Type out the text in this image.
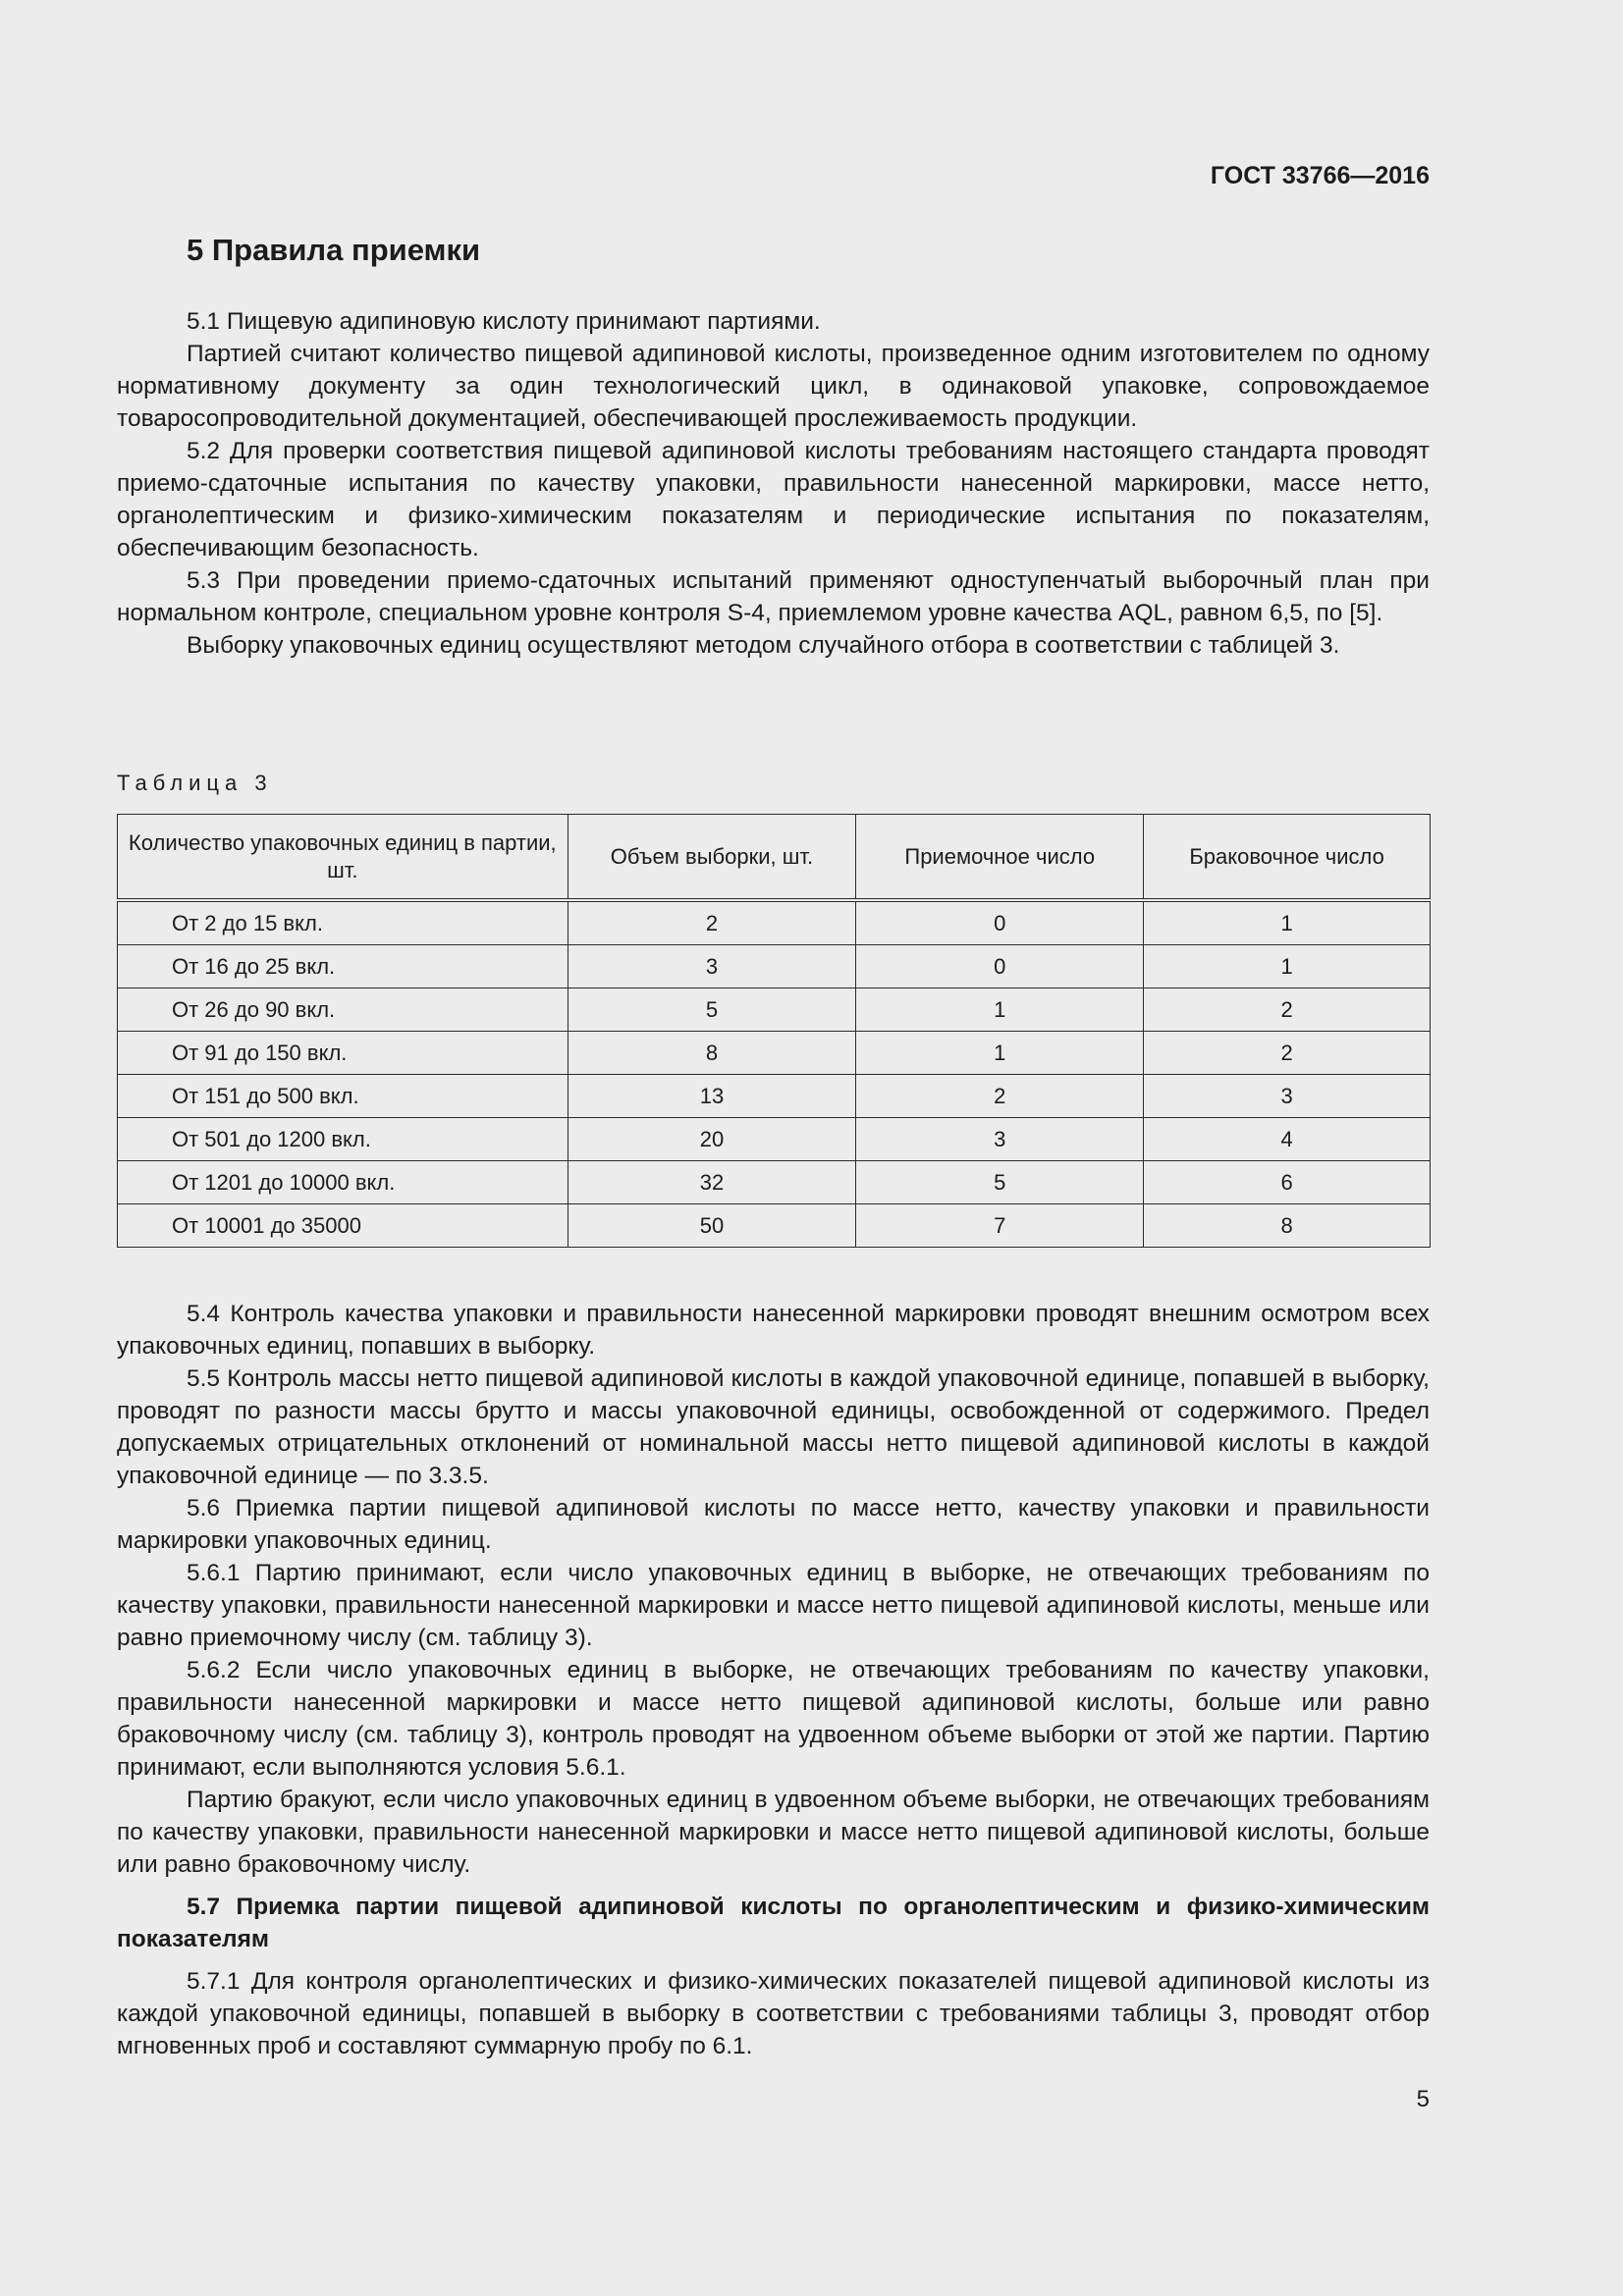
ГОСТ 33766—2016
5 Правила приемки

5.1 Пищевую адипиновую кислоту принимают партиями.

Партией считают количество пищевой адипиновой кислоты, произведенное одним изготовителем по одному нормативному документу за один технологический цикл, в одинаковой упаковке, сопровождаемое товаросопроводительной документацией, обеспечивающей прослеживаемость продукции.

5.2 Для проверки соответствия пищевой адипиновой кислоты требованиям настоящего стандарта проводят приемо-сдаточные испытания по качеству упаковки, правильности нанесенной маркировки, массе нетто, органолептическим и физико-химическим показателям и периодические испытания по показателям, обеспечивающим безопасность.

5.3 При проведении приемо-сдаточных испытаний применяют одноступенчатый выборочный план при нормальном контроле, специальном уровне контроля S-4, приемлемом уровне качества AQL, равном 6,5, по [5].

Выборку упаковочных единиц осуществляют методом случайного отбора в соответствии с таблицей 3.

Таблица 3
Количество упаковочных единиц в партии, шт.	Объем выборки, шт.	Приемочное число	Браковочное число
От 2 до 15 вкл.	2	0	1
От 16 до 25 вкл.	3	0	1
От 26 до 90 вкл.	5	1	2
От 91 до 150 вкл.	8	1	2
От 151 до 500 вкл.	13	2	3
От 501 до 1200 вкл.	20	3	4
От 1201 до 10000 вкл.	32	5	6
От 10001 до 35000	50	7	8

5.4 Контроль качества упаковки и правильности нанесенной маркировки проводят внешним осмотром всех упаковочных единиц, попавших в выборку.

5.5 Контроль массы нетто пищевой адипиновой кислоты в каждой упаковочной единице, попавшей в выборку, проводят по разности массы брутто и массы упаковочной единицы, освобожденной от содержимого. Предел допускаемых отрицательных отклонений от номинальной массы нетто пищевой адипиновой кислоты в каждой упаковочной единице — по 3.3.5.

5.6 Приемка партии пищевой адипиновой кислоты по массе нетто, качеству упаковки и правильности маркировки упаковочных единиц.

5.6.1 Партию принимают, если число упаковочных единиц в выборке, не отвечающих требованиям по качеству упаковки, правильности нанесенной маркировки и массе нетто пищевой адипиновой кислоты, меньше или равно приемочному числу (см. таблицу 3).

5.6.2 Если число упаковочных единиц в выборке, не отвечающих требованиям по качеству упаковки, правильности нанесенной маркировки и массе нетто пищевой адипиновой кислоты, больше или равно браковочному числу (см. таблицу 3), контроль проводят на удвоенном объеме выборки от этой же партии. Партию принимают, если выполняются условия 5.6.1.

Партию бракуют, если число упаковочных единиц в удвоенном объеме выборки, не отвечающих требованиям по качеству упаковки, правильности нанесенной маркировки и массе нетто пищевой адипиновой кислоты, больше или равно браковочному числу.

5.7 Приемка партии пищевой адипиновой кислоты по органолептическим и физико-химическим показателям

5.7.1 Для контроля органолептических и физико-химических показателей пищевой адипиновой кислоты из каждой упаковочной единицы, попавшей в выборку в соответствии с требованиями таблицы 3, проводят отбор мгновенных проб и составляют суммарную пробу по 6.1.

5
